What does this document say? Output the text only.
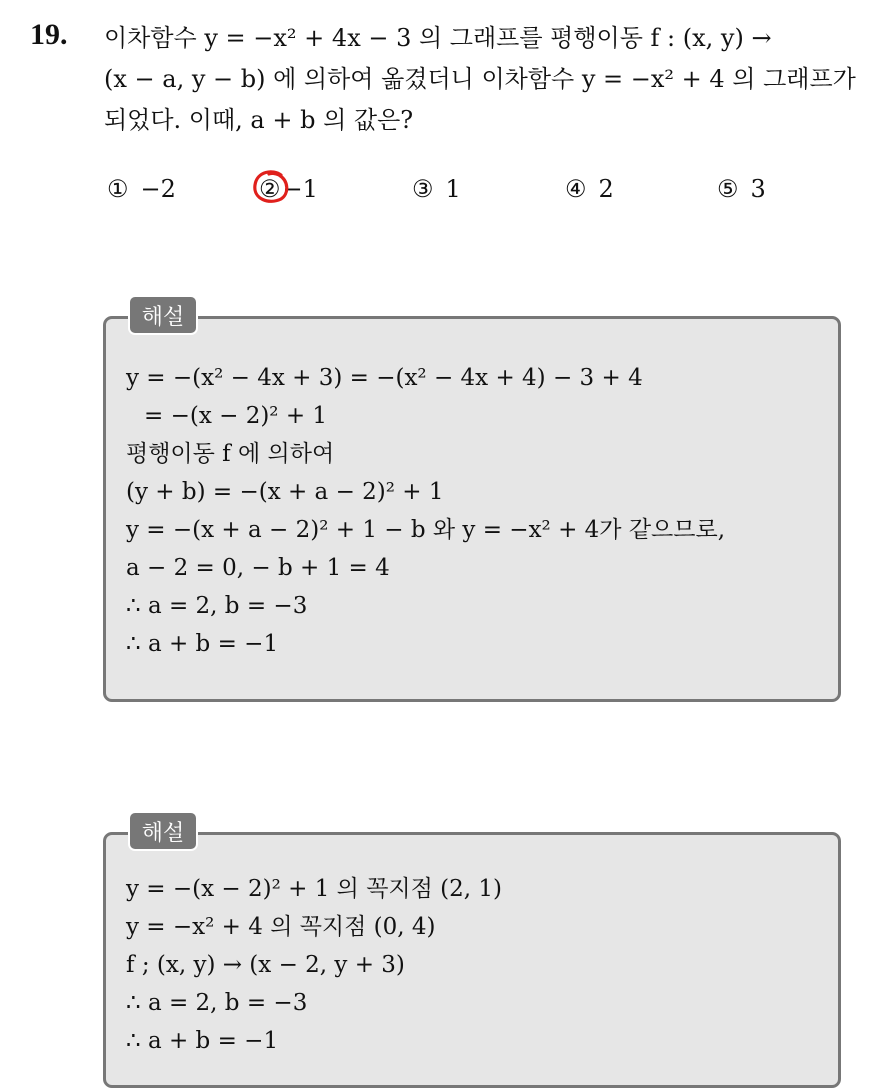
19. 이차함수 y = −x² + 4x − 3 의 그래프를 평행이동 f : (x, y) →
(x − a, y − b) 에 의하여 옮겼더니 이차함수 y = −x² + 4 의 그래프가
되었다. 이때, a + b 의 값은?
① −2	②
−1	③ 1	④ 2	⑤ 3
y = −(x² − 4x + 3) = −(x² − 4x + 4) − 3 + 4
= −(x − 2)² + 1
평행이동 f 에 의하여
(y + b) = −(x + a − 2)² + 1
y = −(x + a − 2)² + 1 − b 와 y = −x² + 4가 같으므로,
a − 2 = 0, − b + 1 = 4
∴ a = 2, b = −3
∴ a + b = −1
해설
y = −(x − 2)² + 1 의 꼭지점 (2, 1)
y = −x² + 4 의 꼭지점 (0, 4)
f ; (x, y) → (x − 2, y + 3)
∴ a = 2, b = −3
∴ a + b = −1
해설
